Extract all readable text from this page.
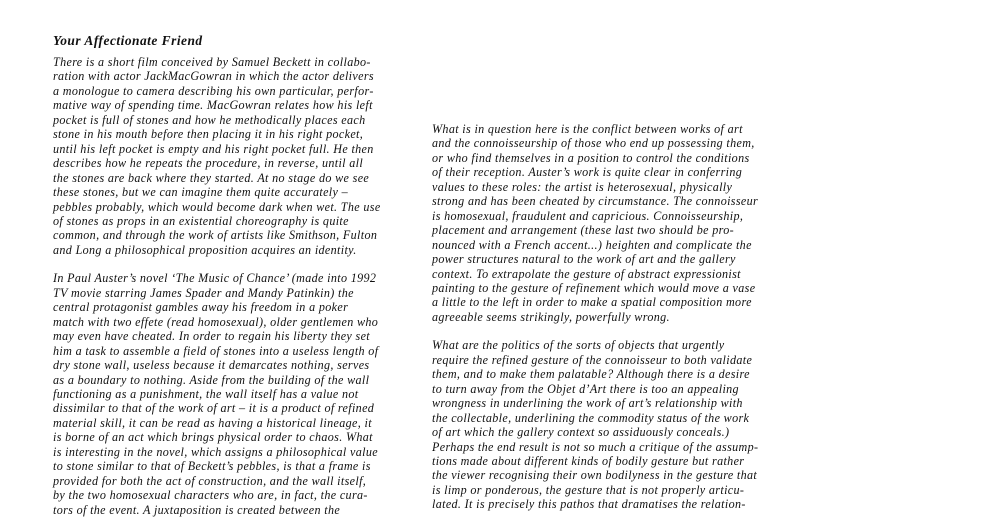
Your Affectionate Friend

There is a short film conceived by Samuel Beckett in collabo-
ration with actor JackMacGowran in which the actor delivers
a monologue to camera describing his own particular, perfor-
mative way of spending time. MacGowran relates how his left
pocket is full of stones and how he methodically places each
stone in his mouth before then placing it in his right pocket,
until his left pocket is empty and his right pocket full. He then
describes how he repeats the procedure, in reverse, until all
the stones are back where they started. At no stage do we see
these stones, but we can imagine them quite accurately –
pebbles probably, which would become dark when wet. The use
of stones as props in an existential choreography is quite
common, and through the work of artists like Smithson, Fulton
and Long a philosophical proposition acquires an identity.

In Paul Auster’s novel ‘The Music of Chance’ (made into 1992
TV movie starring James Spader and Mandy Patinkin) the
central protagonist gambles away his freedom in a poker
match with two effete (read homosexual), older gentlemen who
may even have cheated. In order to regain his liberty they set
him a task to assemble a field of stones into a useless length of
dry stone wall, useless because it demarcates nothing, serves
as a boundary to nothing. Aside from the building of the wall
functioning as a punishment, the wall itself has a value not
dissimilar to that of the work of art – it is a product of refined
material skill, it can be read as having a historical lineage, it
is borne of an act which brings physical order to chaos. What
is interesting in the novel, which assigns a philosophical value
to stone similar to that of Beckett’s pebbles, is that a frame is
provided for both the act of construction, and the wall itself,
by the two homosexual characters who are, in fact, the cura-
tors of the event. A juxtaposition is created between the

What is in question here is the conflict between works of art
and the connoisseurship of those who end up possessing them,
or who find themselves in a position to control the conditions
of their reception. Auster’s work is quite clear in conferring
values to these roles: the artist is heterosexual, physically
strong and has been cheated by circumstance. The connoisseur
is homosexual, fraudulent and capricious. Connoisseurship,
placement and arrangement (these last two should be pro-
nounced with a French accent...) heighten and complicate the
power structures natural to the work of art and the gallery
context. To extrapolate the gesture of abstract expressionist
painting to the gesture of refinement which would move a vase
a little to the left in order to make a spatial composition more
agreeable seems strikingly, powerfully wrong.

What are the politics of the sorts of objects that urgently
require the refined gesture of the connoisseur to both validate
them, and to make them palatable? Although there is a desire
to turn away from the Objet d’Art there is too an appealing
wrongness in underlining the work of art’s relationship with
the collectable, underlining the commodity status of the work
of art which the gallery context so assiduously conceals.)
Perhaps the end result is not so much a critique of the assump-
tions made about different kinds of bodily gesture but rather
the viewer recognising their own bodilyness in the gesture that
is limp or ponderous, the gesture that is not properly articu-
lated. It is precisely this pathos that dramatises the relation-
